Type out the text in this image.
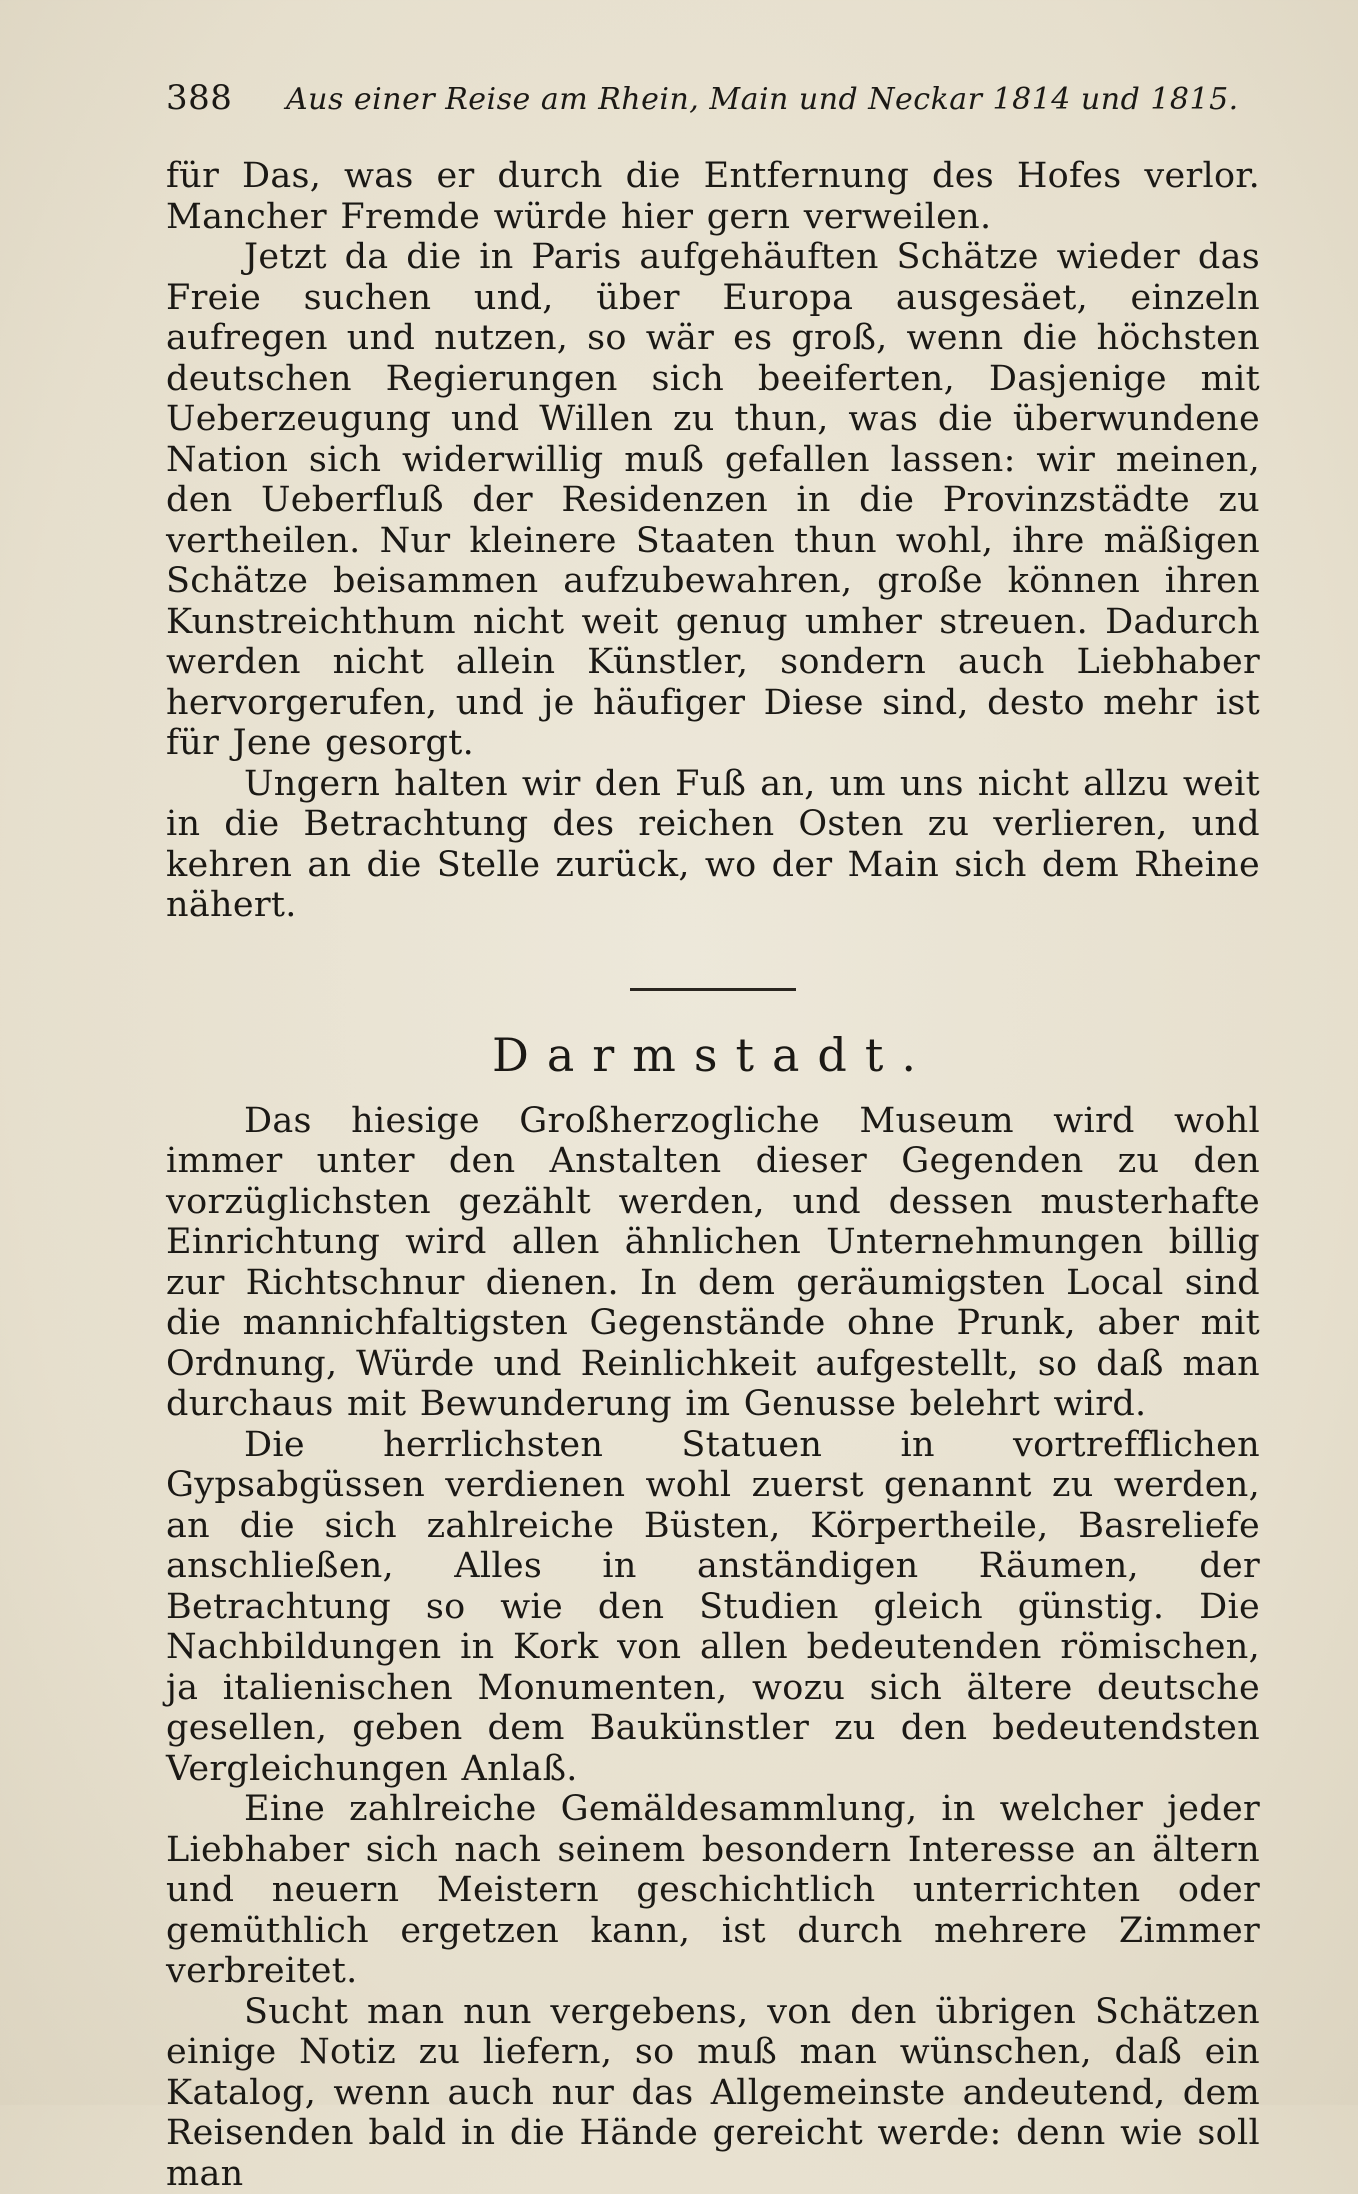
388	Aus einer Reise am Rhein, Main und Neckar 1814 und 1815.

für Das, was er durch die Entfernung des Hofes verlor. Mancher Fremde würde hier gern verweilen.

Jetzt da die in Paris aufgehäuften Schätze wieder das Freie suchen und, über Europa ausgesäet, einzeln aufregen und nutzen, so wär es groß, wenn die höchsten deutschen Regierungen sich beeiferten, Dasjenige mit Ueberzeugung und Willen zu thun, was die überwundene Nation sich widerwillig muß gefallen lassen: wir meinen, den Ueberfluß der Residenzen in die Provinzstädte zu vertheilen. Nur kleinere Staaten thun wohl, ihre mäßigen Schätze beisammen aufzubewahren, große können ihren Kunstreichthum nicht weit genug umher streuen. Dadurch werden nicht allein Künstler, sondern auch Liebhaber hervorgerufen, und je häufiger Diese sind, desto mehr ist für Jene gesorgt.

Ungern halten wir den Fuß an, um uns nicht allzu weit in die Betrachtung des reichen Osten zu verlieren, und kehren an die Stelle zurück, wo der Main sich dem Rheine nähert.

Darmstadt.

Das hiesige Großherzogliche Museum wird wohl immer unter den Anstalten dieser Gegenden zu den vorzüglichsten gezählt werden, und dessen musterhafte Einrichtung wird allen ähnlichen Unternehmungen billig zur Richtschnur dienen. In dem geräumigsten Local sind die mannichfaltigsten Gegenstände ohne Prunk, aber mit Ordnung, Würde und Reinlichkeit aufgestellt, so daß man durchaus mit Bewunderung im Genusse belehrt wird.

Die herrlichsten Statuen in vortrefflichen Gypsabgüssen verdienen wohl zuerst genannt zu werden, an die sich zahlreiche Büsten, Körpertheile, Basreliefe anschließen, Alles in anständigen Räumen, der Betrachtung so wie den Studien gleich günstig. Die Nachbildungen in Kork von allen bedeutenden römischen, ja italienischen Monumenten, wozu sich ältere deutsche gesellen, geben dem Baukünstler zu den bedeutendsten Vergleichungen Anlaß.

Eine zahlreiche Gemäldesammlung, in welcher jeder Liebhaber sich nach seinem besondern Interesse an ältern und neuern Meistern geschichtlich unterrichten oder gemüthlich ergetzen kann, ist durch mehrere Zimmer verbreitet.

Sucht man nun vergebens, von den übrigen Schätzen einige Notiz zu liefern, so muß man wünschen, daß ein Katalog, wenn auch nur das Allgemeinste andeutend, dem Reisenden bald in die Hände gereicht werde: denn wie soll man
